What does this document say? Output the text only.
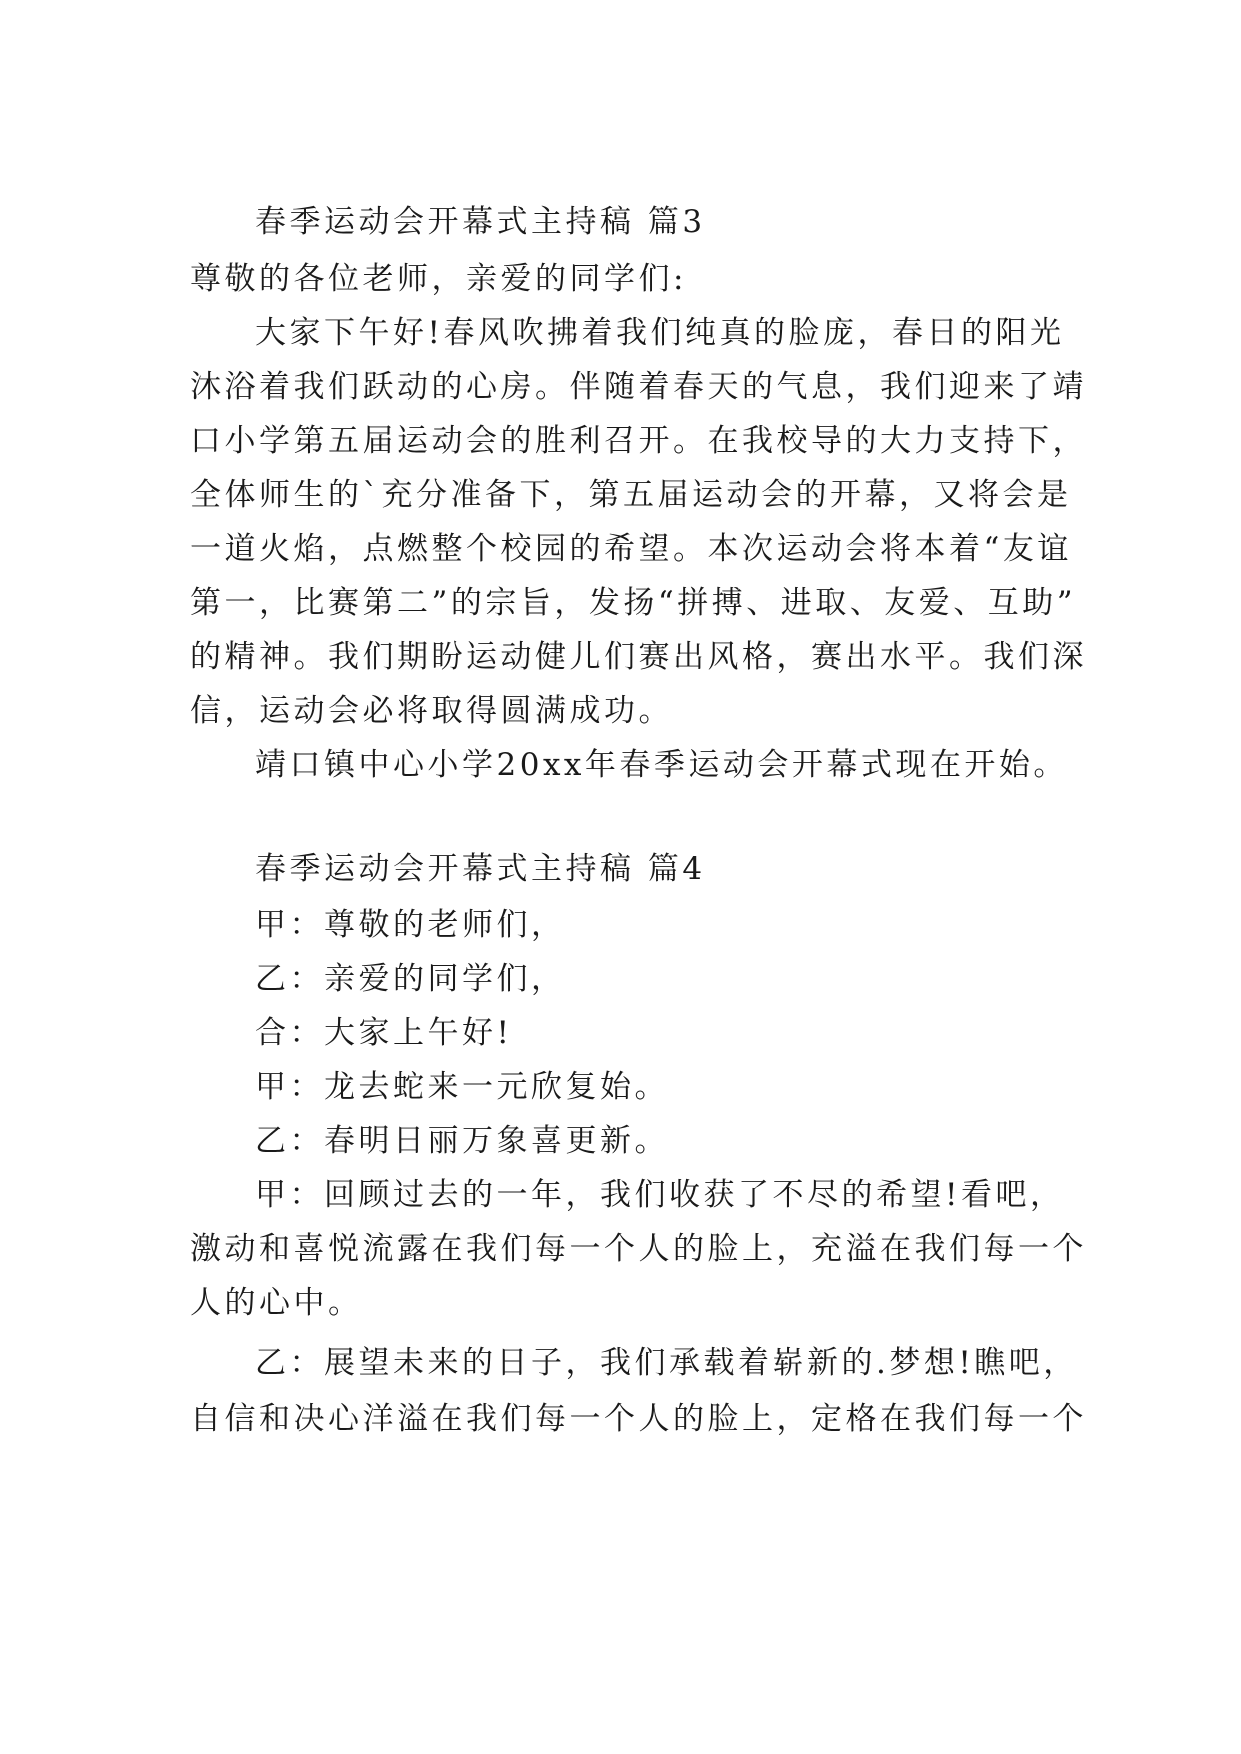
春季运动会开幕式主持稿 篇3
尊敬的各位老师，亲爱的同学们:
大家下午好!春风吹拂着我们纯真的脸庞，春日的阳光
沐浴着我们跃动的心房。伴随着春天的气息，我们迎来了靖
口小学第五届运动会的胜利召开。在我校导的大力支持下，
全体师生的`充分准备下，第五届运动会的开幕，又将会是
一道火焰，点燃整个校园的希望。本次运动会将本着“友谊
第一，比赛第二”的宗旨，发扬“拼搏、进取、友爱、互助”
的精神。我们期盼运动健儿们赛出风格，赛出水平。我们深
信，运动会必将取得圆满成功。
靖口镇中心小学20xx年春季运动会开幕式现在开始。
春季运动会开幕式主持稿 篇4
甲：尊敬的老师们，
乙：亲爱的同学们，
合：大家上午好!
甲：龙去蛇来一元欣复始。
乙：春明日丽万象喜更新。
甲：回顾过去的一年，我们收获了不尽的希望!看吧，
激动和喜悦流露在我们每一个人的脸上，充溢在我们每一个
人的心中。
乙：展望未来的日子，我们承载着崭新的.梦想!瞧吧，
自信和决心洋溢在我们每一个人的脸上，定格在我们每一个
